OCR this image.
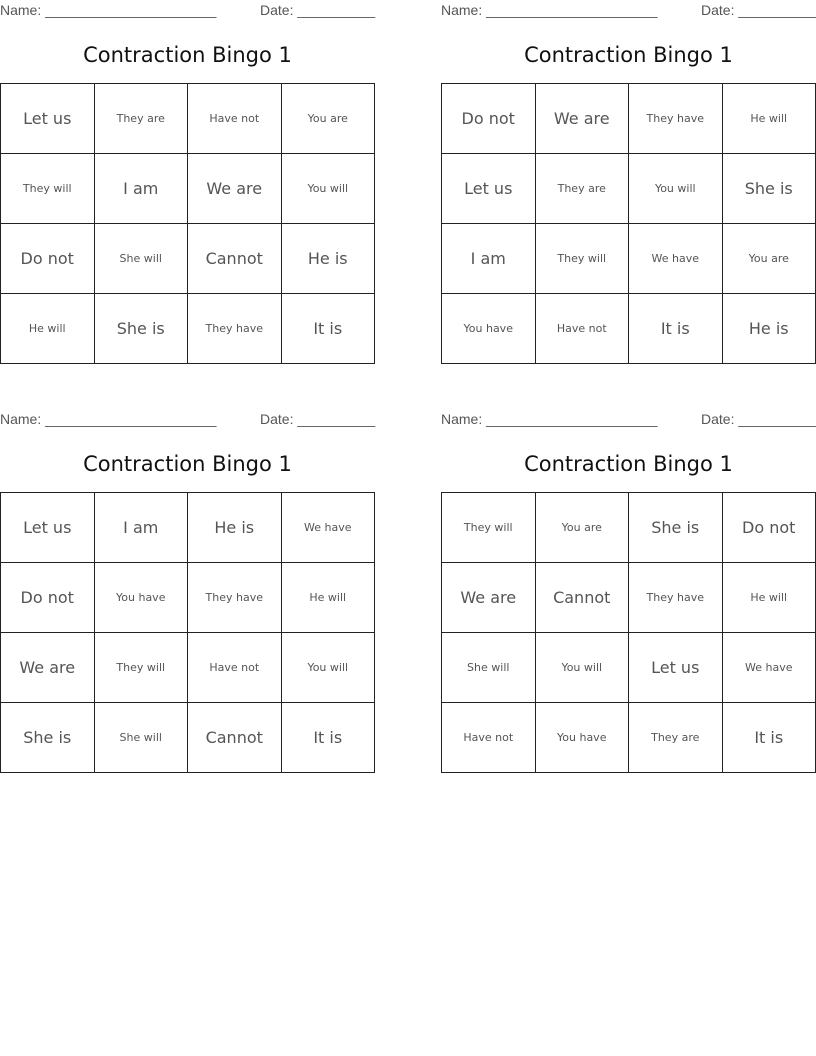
Name: ______________________	Date: __________
Contraction Bingo 1
Let us	They are	Have not	You are
They will	I am	We are	You will
Do not	She will	Cannot	He is
He will	She is	They have	It is
Name: ______________________	Date: __________
Contraction Bingo 1
Do not	We are	They have	He will
Let us	They are	You will	She is
I am	They will	We have	You are
You have	Have not	It is	He is
Name: ______________________	Date: __________
Contraction Bingo 1
Let us	I am	He is	We have
Do not	You have	They have	He will
We are	They will	Have not	You will
She is	She will	Cannot	It is
Name: ______________________	Date: __________
Contraction Bingo 1
They will	You are	She is	Do not
We are	Cannot	They have	He will
She will	You will	Let us	We have
Have not	You have	They are	It is
